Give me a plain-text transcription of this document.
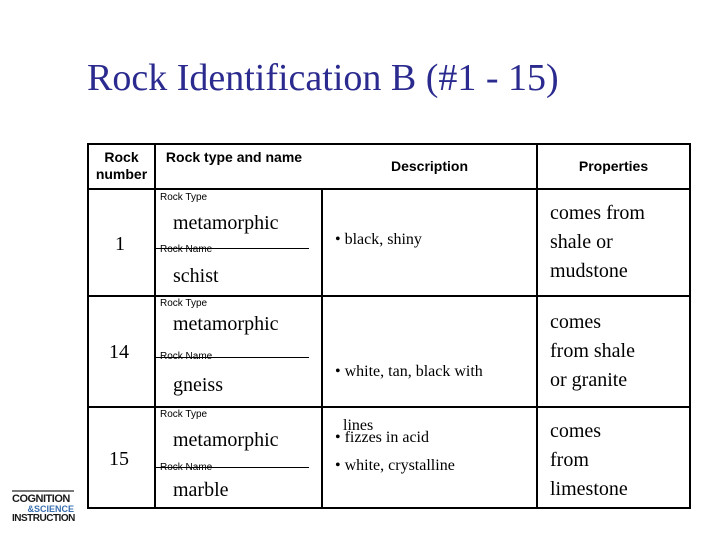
Rock Identification B (#1 - 15)
Rock number
Rock type and name
Description	Properties
1
Rock Type
metamorphic
Rock Name
schist
• black, shiny
comes from
shale or
mudstone
14
Rock Type
metamorphic
Rock Name
gneiss

• white, tan, black with

lines

comes
from shale
or granite
15
Rock Type
metamorphic
Rock Name
marble
• fizzes in acid
• white, crystalline
comes
from
limestone
COGNITION
&SCIENCE
INSTRUCTION
